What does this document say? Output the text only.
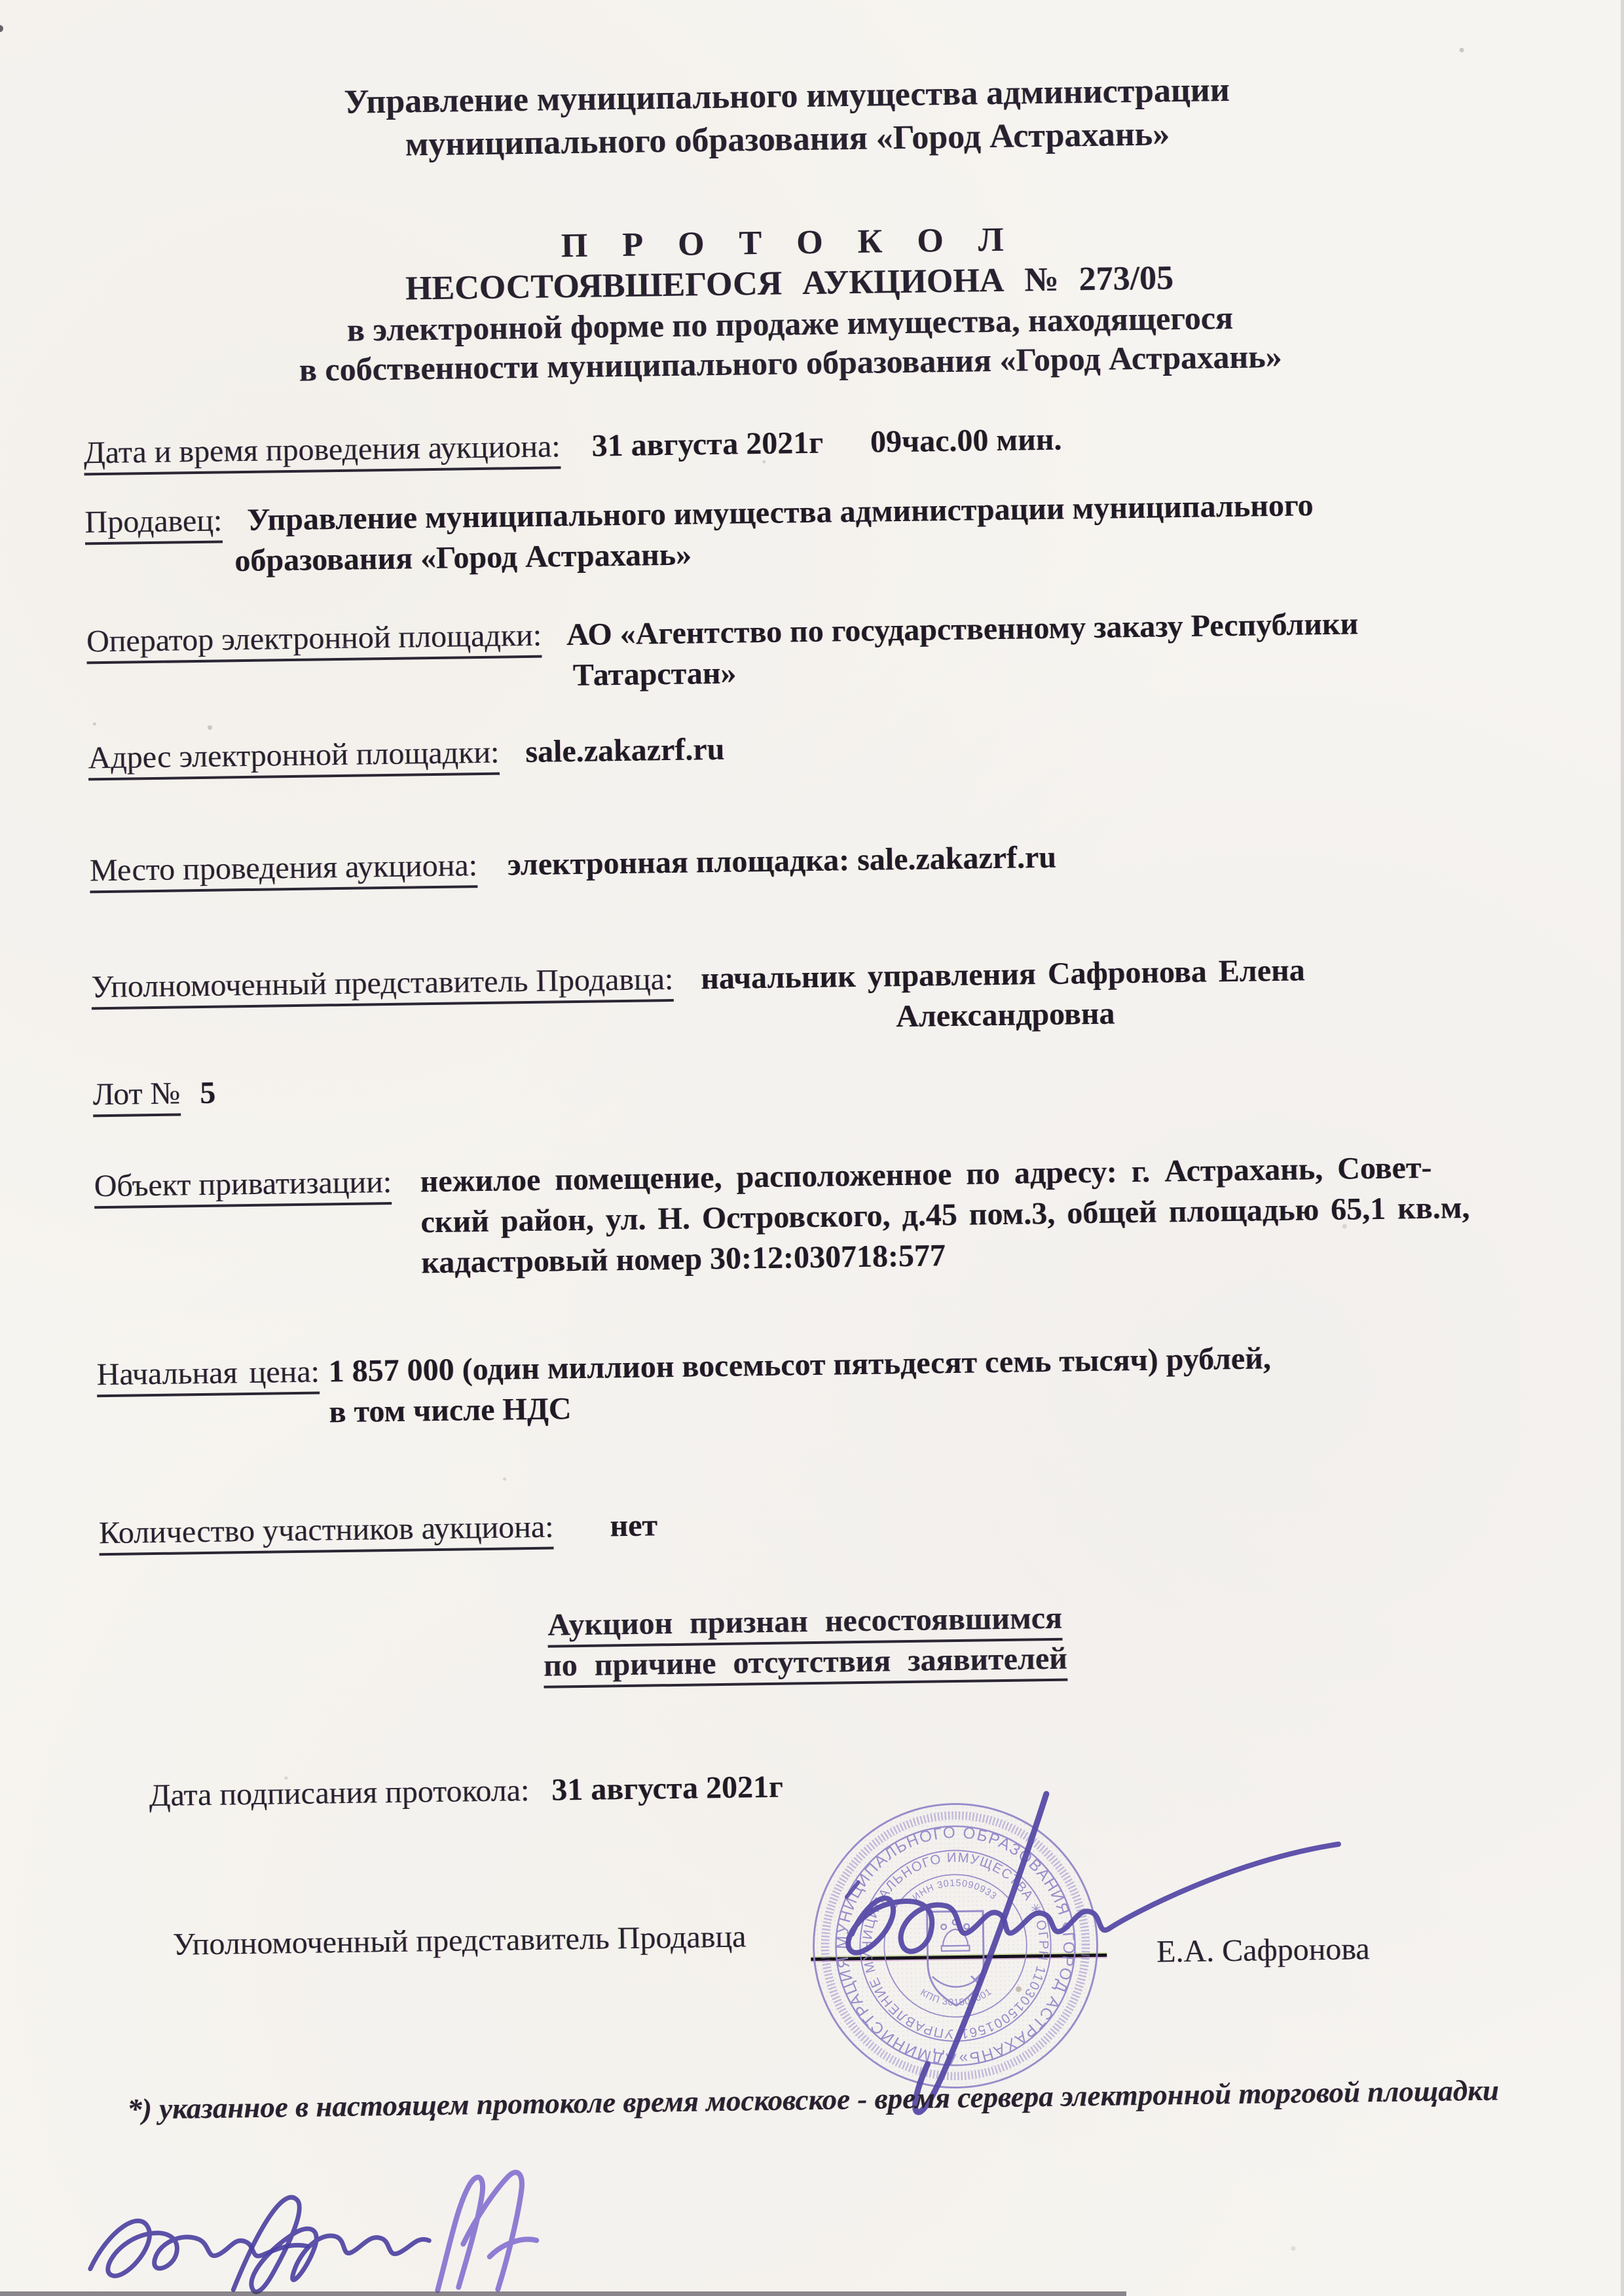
Управление муниципального имущества администрации
муниципального образования «Город Астрахань»
П Р О Т О К О Л
НЕСОСТОЯВШЕГОСЯ АУКЦИОНА № 273/05
в электронной форме по продаже имущества, находящегося
в собственности муниципального образования «Город Астрахань»
Дата и время проведения аукциона: 31 августа 2021г 09час.00 мин.
Продавец: Управление муниципального имущества администрации муниципального
образования «Город Астрахань»
Оператор электронной площадки: АО «Агентство по государственному заказу Республики
Татарстан»
Адрес электронной площадки: sale.zakazrf.ru
Место проведения аукциона: электронная площадка: sale.zakazrf.ru
Уполномоченный представитель Продавца: начальник управления Сафронова Елена
Александровна
Лот № 5
Объект приватизации: нежилое помещение, расположенное по адресу: г. Астрахань, Совет-
ский район, ул. Н. Островского, д.45 пом.3, общей площадью 65,1 кв.м,
кадастровый номер 30:12:030718:577
Начальная цена: 1 857 000 (один миллион восемьсот пятьдесят семь тысяч) рублей,
в том числе НДС
Количество участников аукциона: нет
Аукцион признан несостоявшимся
по причине отсутствия заявителей
Дата подписания протокола: 31 августа 2021г
Уполномоченный представитель Продавца	Е.А. Сафронова
АДМИНИСТРАЦИЯ МУНИЦИПАЛЬНОГО ОБРАЗОВАНИЯ «ГОРОД АСТРАХАНЬ»
УПРАВЛЕНИЕ МУНИЦИПАЛЬНОГО ИМУЩЕСТВА ✳ ОГРН 1103015001561
ИНН 3015090933
КПП 301501001
*) указанное в настоящем протоколе время московское - время сервера электронной торговой площадки
